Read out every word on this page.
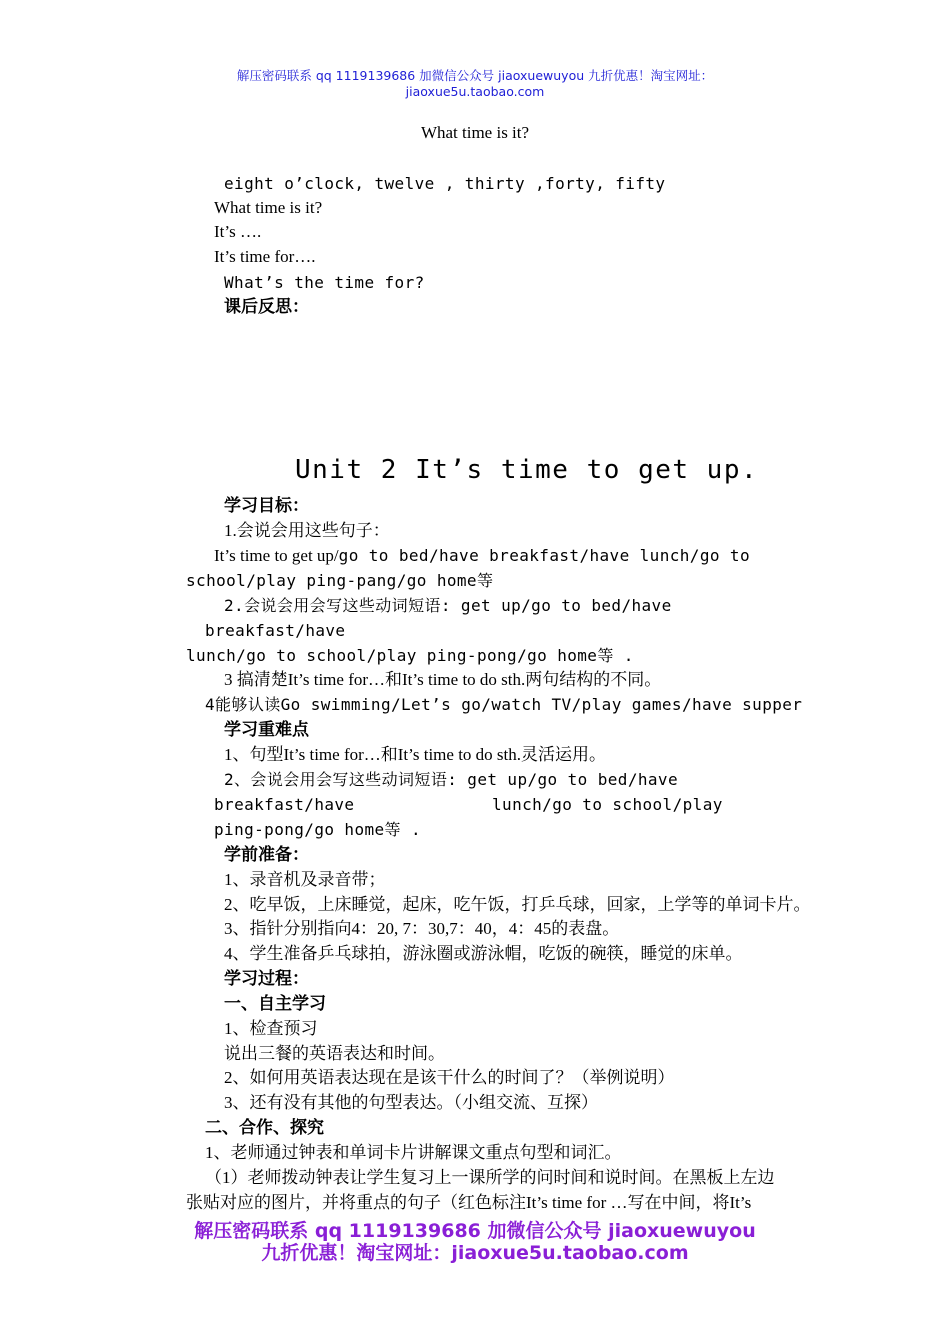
解压密码联系 qq 1119139686 加微信公众号 jiaoxuewuyou 九折优惠！淘宝网址：
jiaoxue5u.taobao.com
What time is it?
eight o’clock, twelve , thirty ,forty, fifty
What time is it?
It’s ….
It’s time for….
What’s the time for?
课后反思：
Unit 2 It’s time to get up.
学习目标：
1.会说会用这些句子：
It’s time to get up/go to bed/have breakfast/have lunch/go to
school/play ping-pang/go home等
2.会说会用会写这些动词短语: get up/go to bed/have
breakfast/have
lunch/go to school/play ping-pong/go home等 .
3 搞清楚It’s time for…和It’s time to do sth.两句结构的不同。
4能够认读Go swimming/Let’s go/watch TV/play games/have supper
学习重难点
1、句型It’s time for…和It’s time to do sth.灵活运用。
2、会说会用会写这些动词短语: get up/go to bed/have
breakfast/have	lunch/go to school/play
ping-pong/go home等 .
学前准备：
1、录音机及录音带；
2、吃早饭，上床睡觉，起床，吃午饭，打乒乓球，回家，上学等的单词卡片。
3、指针分别指向4：20, 7：30,7：40，4：45的表盘。
4、学生准备乒乓球拍，游泳圈或游泳帽，吃饭的碗筷，睡觉的床单。
学习过程：
一、自主学习
1、检查预习
说出三餐的英语表达和时间。
2、如何用英语表达现在是该干什么的时间了？（举例说明）
3、还有没有其他的句型表达。（小组交流、互探）
二、合作、探究
1、老师通过钟表和单词卡片讲解课文重点句型和词汇。
（1）老师拨动钟表让学生复习上一课所学的问时间和说时间。在黑板上左边
张贴对应的图片，并将重点的句子（红色标注It’s time for …写在中间，将It’s
解压密码联系 qq 1119139686 加微信公众号 jiaoxuewuyou
九折优惠！淘宝网址：jiaoxue5u.taobao.com
